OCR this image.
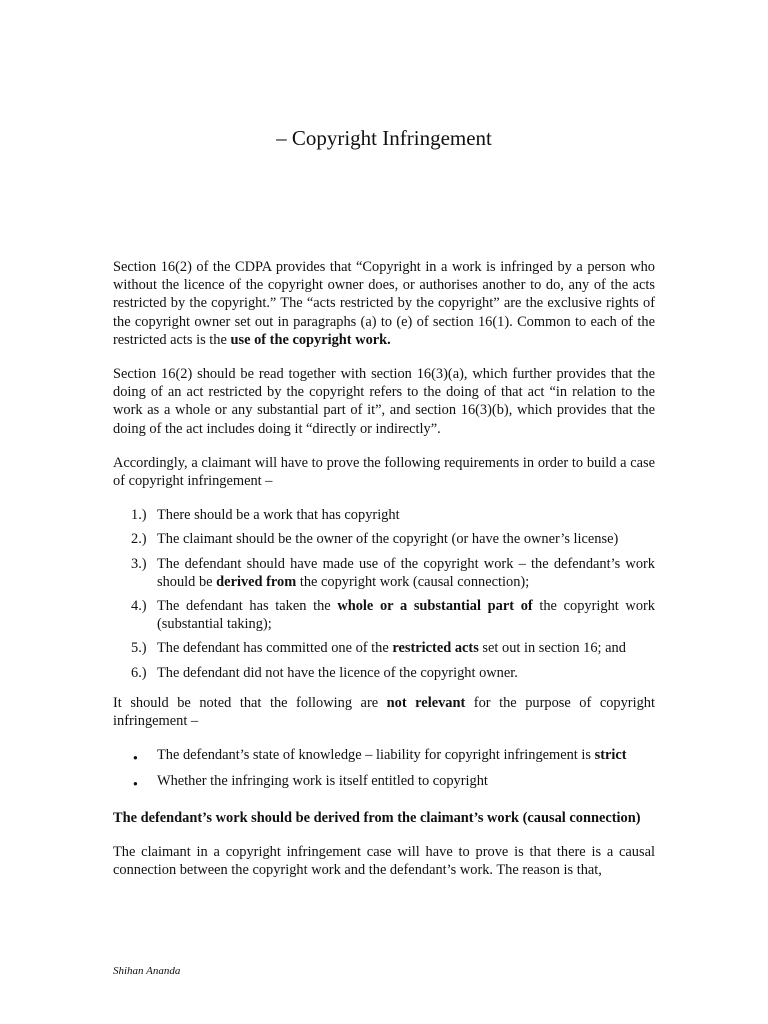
– Copyright Infringement

Section 16(2) of the CDPA provides that “Copyright in a work is infringed by a person who without the licence of the copyright owner does, or authorises another to do, any of the acts restricted by the copyright.” The “acts restricted by the copyright” are the exclusive rights of the copyright owner set out in paragraphs (a) to (e) of section 16(1). Common to each of the restricted acts is the use of the copyright work.

Section 16(2) should be read together with section 16(3)(a), which further provides that the doing of an act restricted by the copyright refers to the doing of that act “in relation to the work as a whole or any substantial part of it”, and section 16(3)(b), which provides that the doing of the act includes doing it “directly or indirectly”.

Accordingly, a claimant will have to prove the following requirements in order to build a case of copyright infringement –

1.) There should be a work that has copyright
2.) The claimant should be the owner of the copyright (or have the owner’s license)
3.) The defendant should have made use of the copyright work – the defendant’s work should be derived from the copyright work (causal connection);
4.) The defendant has taken the whole or a substantial part of the copyright work (substantial taking);
5.) The defendant has committed one of the restricted acts set out in section 16; and
6.) The defendant did not have the licence of the copyright owner.

It should be noted that the following are not relevant for the purpose of copyright infringement –

● The defendant’s state of knowledge – liability for copyright infringement is strict
● Whether the infringing work is itself entitled to copyright

The defendant’s work should be derived from the claimant’s work (causal connection)

The claimant in a copyright infringement case will have to prove is that there is a causal connection between the copyright work and the defendant’s work. The reason is that,

Shihan Ananda
